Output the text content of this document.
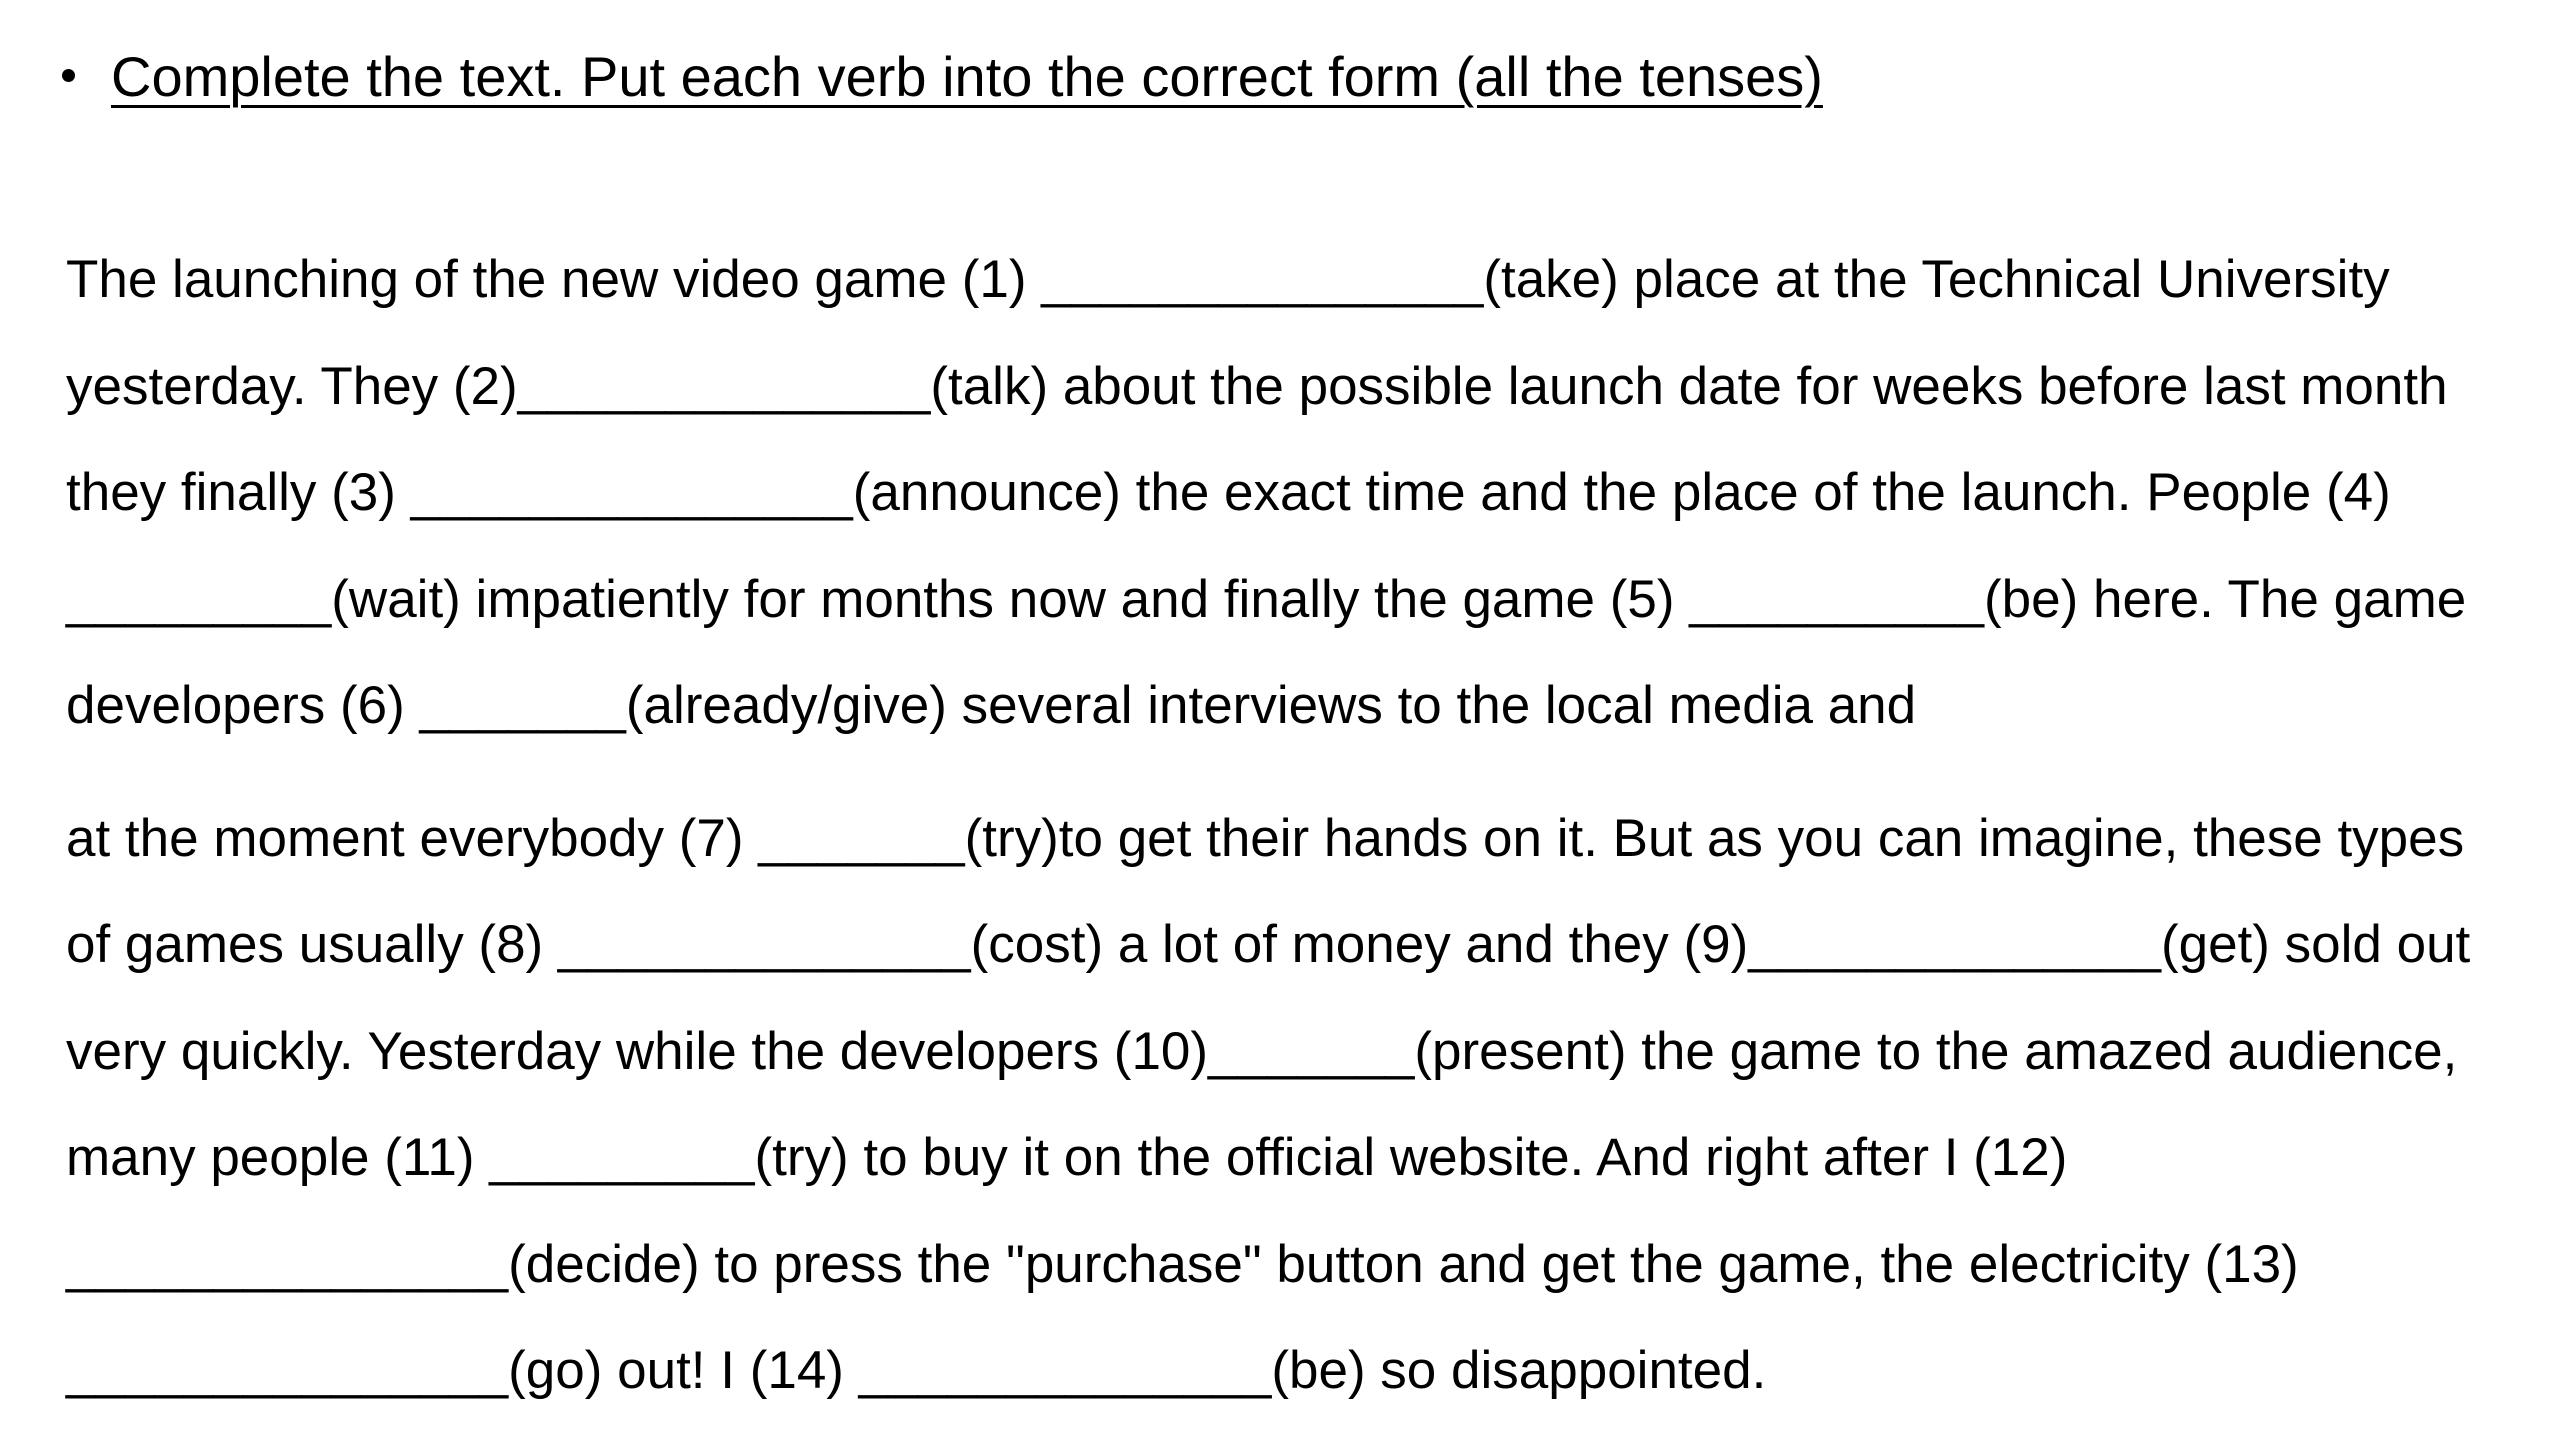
Complete the text. Put each verb into the correct form (all the tenses)
The launching of the new video game (1) _______________(take) place at the Technical University
yesterday. They (2)______________(talk) about the possible launch date for weeks before last month
they finally (3) _______________(announce) the exact time and the place of the launch. People (4)
_________(wait) impatiently for months now and finally the game (5) __________(be) here. The game
developers (6) _______(already/give) several interviews to the local media and
at the moment everybody (7) _______(try)to get their hands on it. But as you can imagine, these types
of games usually (8) ______________(cost) a lot of money and they (9)______________(get) sold out
very quickly. Yesterday while the developers (10)_______(present) the game to the amazed audience,
many people (11) _________(try) to buy it on the official website. And right after I (12)
_______________(decide) to press the "purchase" button and get the game, the electricity (13)
_______________(go) out! I (14) ______________(be) so disappointed.
